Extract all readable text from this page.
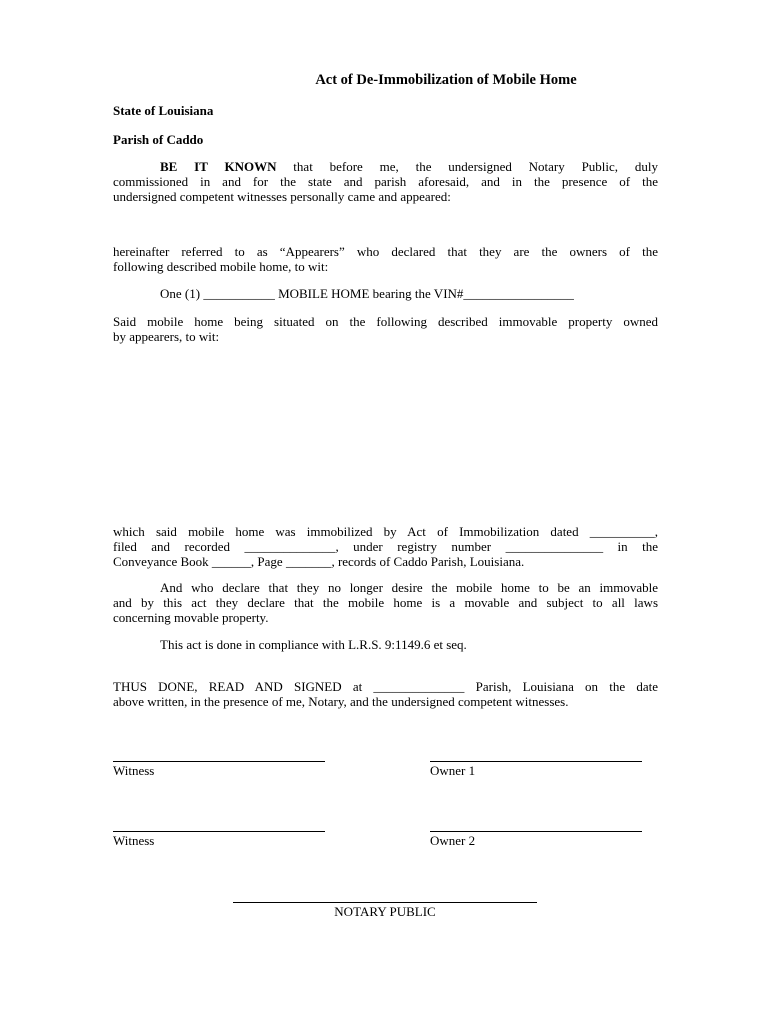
Act of De-Immobilization of Mobile Home

State of Louisiana

Parish of Caddo

BE IT KNOWN that before me, the undersigned Notary Public, duly

commissioned in and for the state and parish aforesaid, and in the presence of the

undersigned competent witnesses personally came and appeared:

hereinafter referred to as “Appearers” who declared that they are the owners of the

following described mobile home, to wit:

One (1) ___________ MOBILE HOME bearing the VIN#_________________

Said mobile home being situated on the following described immovable property owned

by appearers, to wit:

which said mobile home was immobilized by Act of Immobilization dated __________,

filed and recorded ______________, under registry number _______________ in the

Conveyance Book ______, Page _______, records of Caddo Parish, Louisiana.

And who declare that they no longer desire the mobile home to be an immovable

and by this act they declare that the mobile home is a movable and subject to all laws

concerning movable property.

This act is done in compliance with L.R.S. 9:1149.6 et seq.

THUS DONE, READ AND SIGNED at ______________ Parish, Louisiana on the date

above written, in the presence of me, Notary, and the undersigned competent witnesses.

Witness	Owner 1
Witness	Owner 2
NOTARY PUBLIC
